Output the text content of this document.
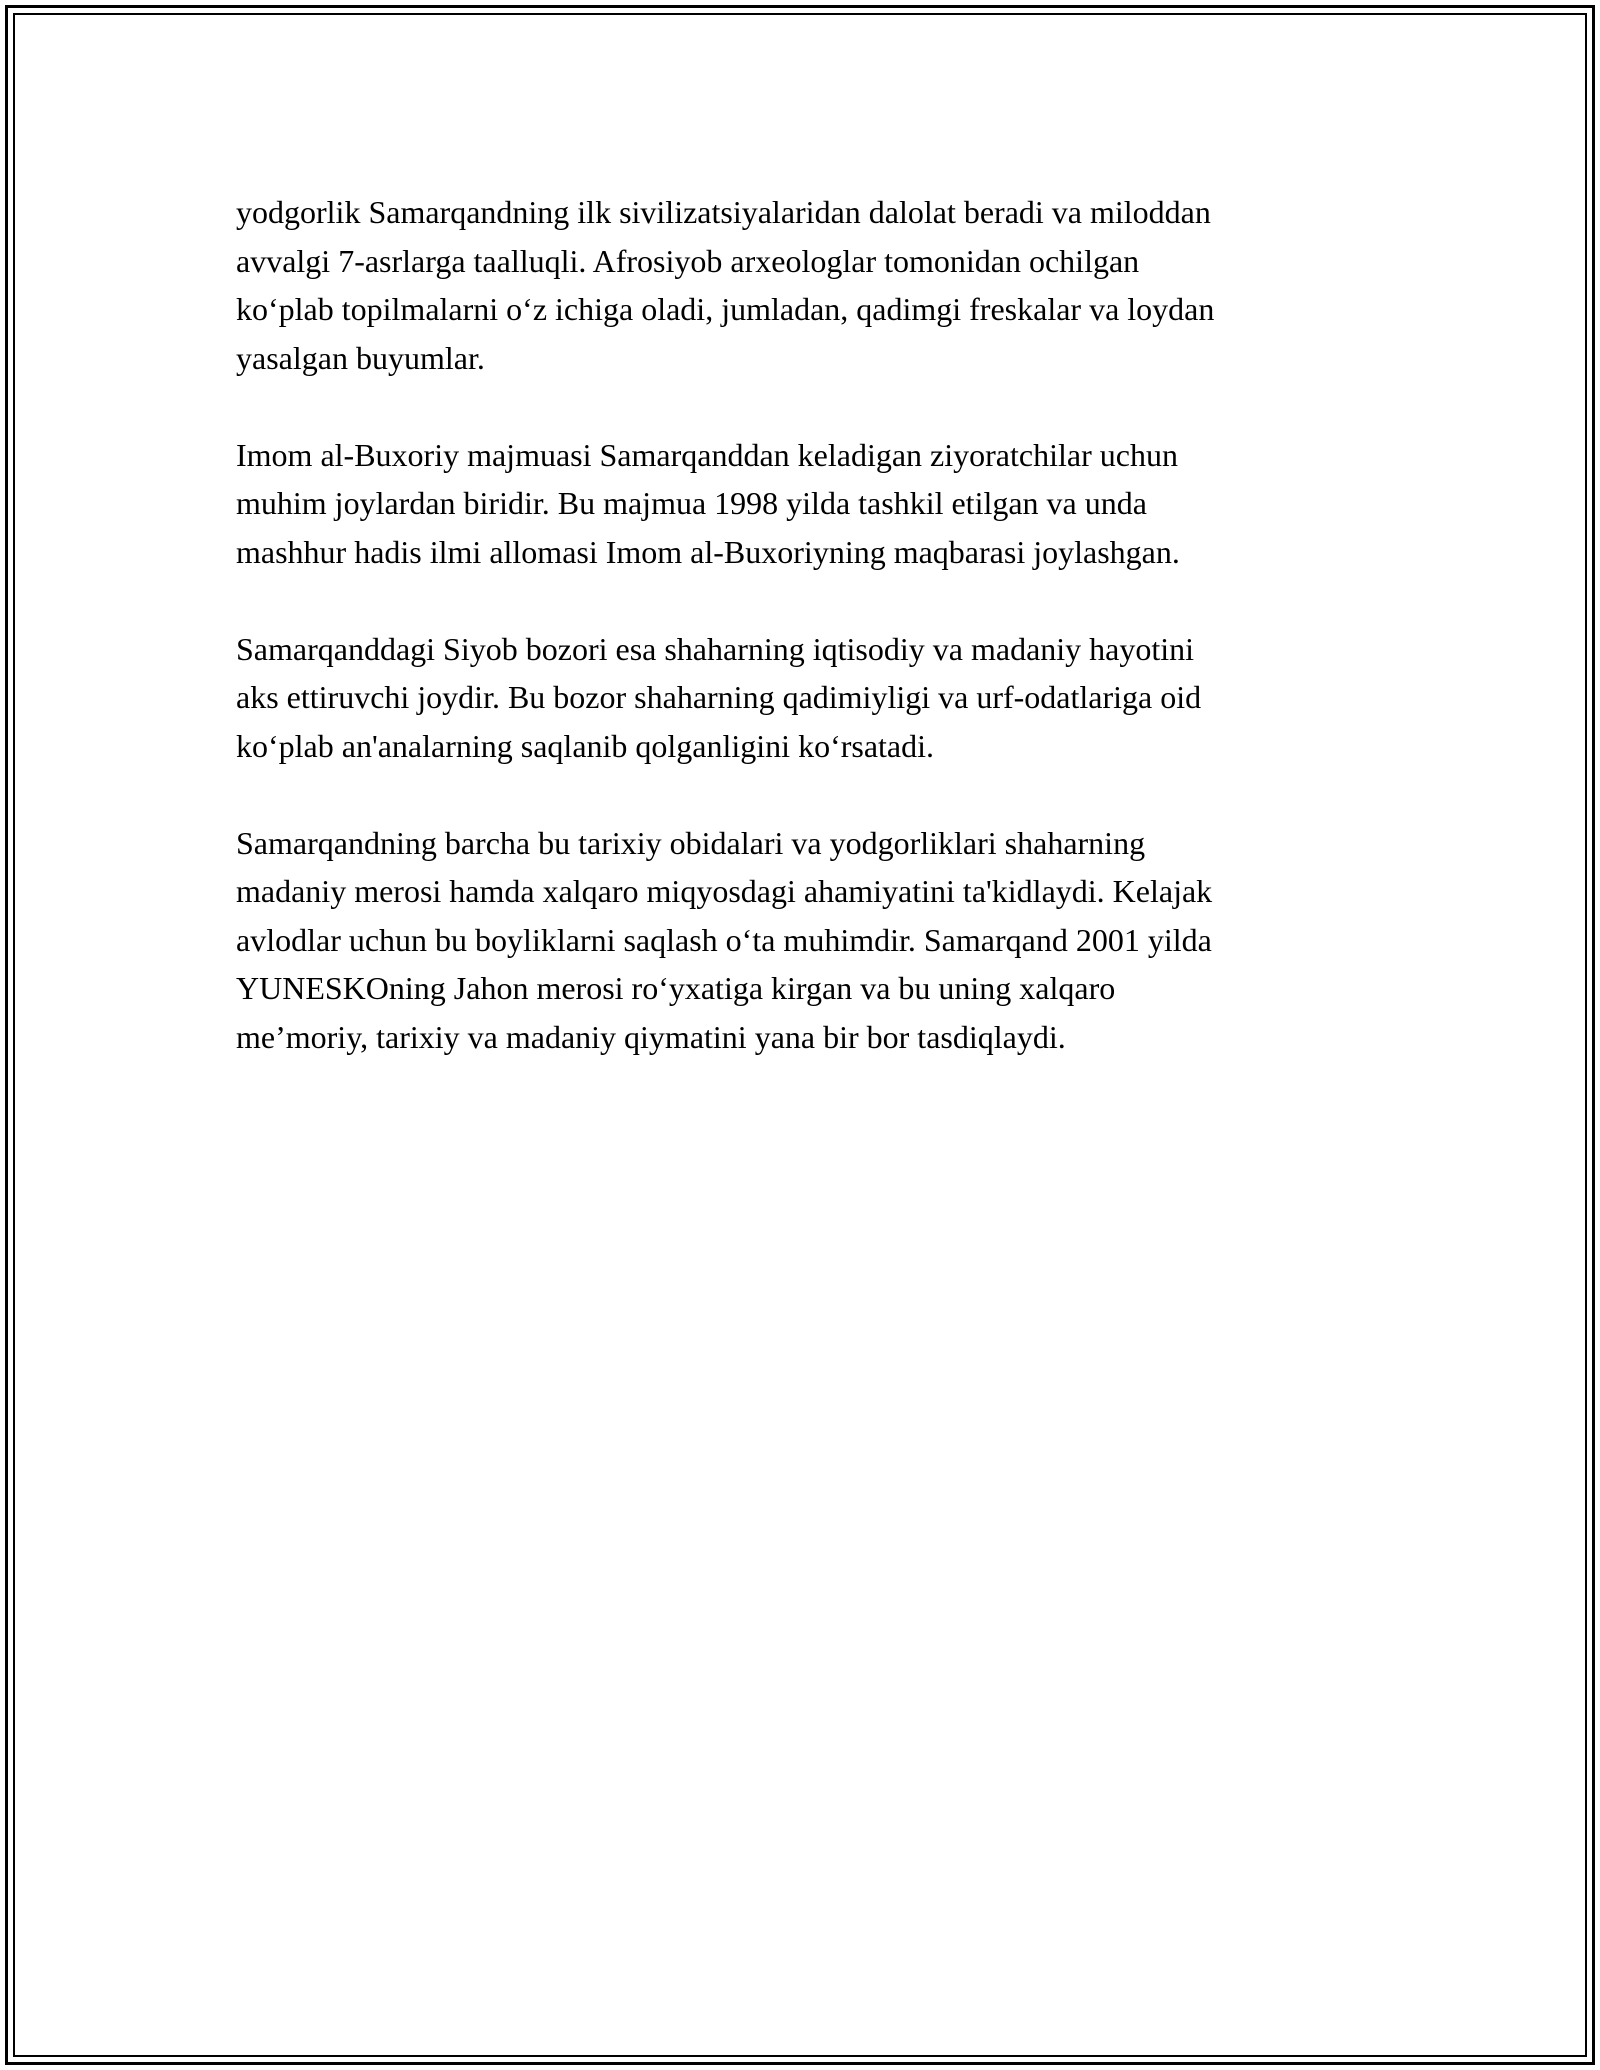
yodgorlik Samarqandning ilk sivilizatsiyalaridan dalolat beradi va miloddan
avvalgi 7-asrlarga taalluqli. Afrosiyob arxeologlar tomonidan ochilgan
ko‘plab topilmalarni o‘z ichiga oladi, jumladan, qadimgi freskalar va loydan
yasalgan buyumlar.

Imom al-Buxoriy majmuasi Samarqanddan keladigan ziyoratchilar uchun
muhim joylardan biridir. Bu majmua 1998 yilda tashkil etilgan va unda
mashhur hadis ilmi allomasi Imom al-Buxoriyning maqbarasi joylashgan.

Samarqanddagi Siyob bozori esa shaharning iqtisodiy va madaniy hayotini
aks ettiruvchi joydir. Bu bozor shaharning qadimiyligi va urf-odatlariga oid
ko‘plab an'analarning saqlanib qolganligini ko‘rsatadi.

Samarqandning barcha bu tarixiy obidalari va yodgorliklari shaharning
madaniy merosi hamda xalqaro miqyosdagi ahamiyatini ta'kidlaydi. Kelajak
avlodlar uchun bu boyliklarni saqlash o‘ta muhimdir. Samarqand 2001 yilda
YUNESKOning Jahon merosi ro‘yxatiga kirgan va bu uning xalqaro
me’moriy, tarixiy va madaniy qiymatini yana bir bor tasdiqlaydi.
